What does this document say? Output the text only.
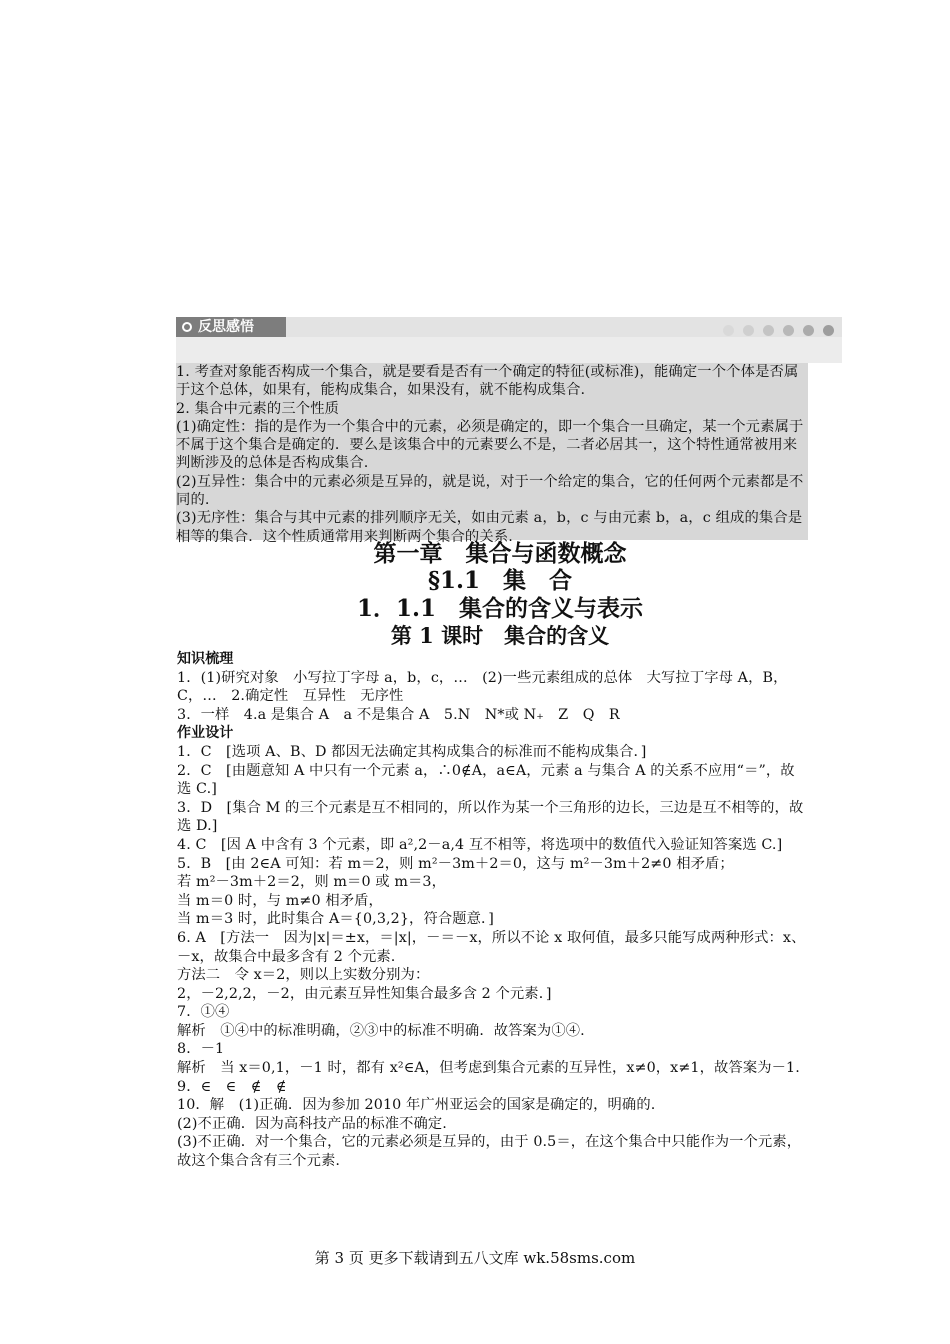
反思感悟

1. 考查对象能否构成一个集合，就是要看是否有一个确定的特征(或标准)，能确定一个个体是否属于这个总体，如果有，能构成集合，如果没有，就不能构成集合.

2. 集合中元素的三个性质

(1)确定性：指的是作为一个集合中的元素，必须是确定的，即一个集合一旦确定，某一个元素属于不属于这个集合是确定的．要么是该集合中的元素要么不是，二者必居其一，这个特性通常被用来判断涉及的总体是否构成集合.

(2)互异性：集合中的元素必须是互异的，就是说，对于一个给定的集合，它的任何两个元素都是不同的.

(3)无序性：集合与其中元素的排列顺序无关，如由元素 a，b，c 与由元素 b，a，c 组成的集合是相等的集合．这个性质通常用来判断两个集合的关系.

第一章　集合与函数概念
§1.1　集　合
1．1.1　集合的含义与表示
第 1 课时　集合的含义

知识梳理

1．(1)研究对象　小写拉丁字母 a，b，c，…　(2)一些元素组成的总体　大写拉丁字母 A，B，C，…　2.确定性　互异性　无序性

3．一样　4.a 是集合 A　a 不是集合 A　5.N　N*或 N₊　Z　Q　R

作业设计

1．C　[选项 A、B、D 都因无法确定其构成集合的标准而不能构成集合．]

2．C　[由题意知 A 中只有一个元素 a，∴0∉A，a∈A，元素 a 与集合 A 的关系不应用“＝”，故选 C.]

3．D　[集合 M 的三个元素是互不相同的，所以作为某一个三角形的边长，三边是互不相等的，故选 D.]

4. C　[因 A 中含有 3 个元素，即 a²,2－a,4 互不相等，将选项中的数值代入验证知答案选 C.]

5．B　[由 2∈A 可知：若 m＝2，则 m²－3m＋2＝0，这与 m²－3m＋2≠0 相矛盾；

若 m²－3m＋2＝2，则 m＝0 或 m＝3，

当 m＝0 时，与 m≠0 相矛盾，

当 m＝3 时，此时集合 A＝{0,3,2}，符合题意．]

6. A　[方法一　因为|x|＝±x，＝|x|，－＝－x，所以不论 x 取何值，最多只能写成两种形式：x、－x，故集合中最多含有 2 个元素.

方法二　令 x＝2，则以上实数分别为：

2，－2,2,2，－2，由元素互异性知集合最多含 2 个元素．]

7．①④

解析　①④中的标准明确，②③中的标准不明确．故答案为①④.

8．－1

解析　当 x＝0,1，－1 时，都有 x²∈A，但考虑到集合元素的互异性，x≠0，x≠1，故答案为－1.

9．∈　∈　∉　∉

10．解　(1)正确．因为参加 2010 年广州亚运会的国家是确定的，明确的.

(2)不正确．因为高科技产品的标准不确定.

(3)不正确．对一个集合，它的元素必须是互异的，由于 0.5＝，在这个集合中只能作为一个元素，故这个集合含有三个元素.

第 3 页 更多下载请到五八文库 wk.58sms.com
